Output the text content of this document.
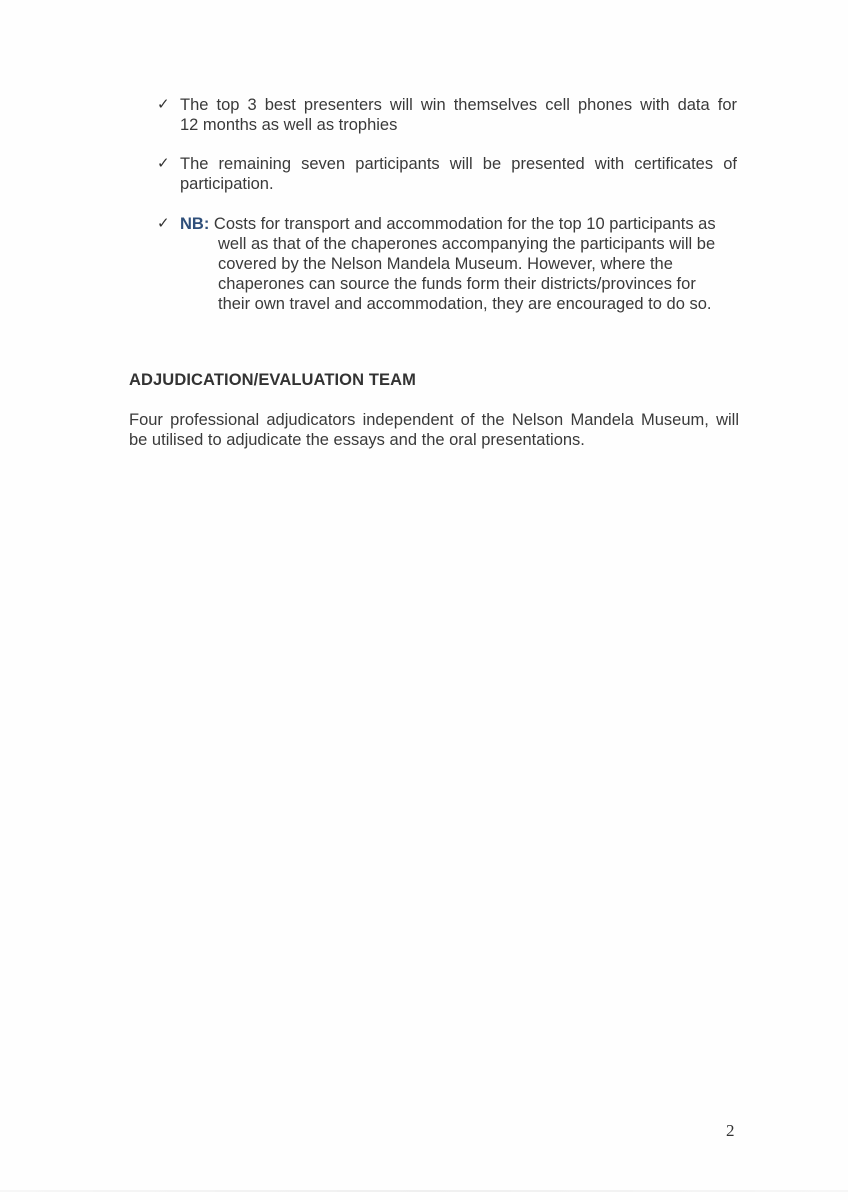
✓ The top 3 best presenters will win themselves cell phones with data for
12 months as well as trophies
✓ The remaining seven participants will be presented with certificates of
participation.
✓ NB: Costs for transport and accommodation for the top 10 participants as
well as that of the chaperones accompanying the participants will be
covered by the Nelson Mandela Museum. However, where the
chaperones can source the funds form their districts/provinces for
their own travel and accommodation, they are encouraged to do so.
ADJUDICATION/EVALUATION TEAM
Four professional adjudicators independent of the Nelson Mandela Museum, will
be utilised to adjudicate the essays and the oral presentations.
2
